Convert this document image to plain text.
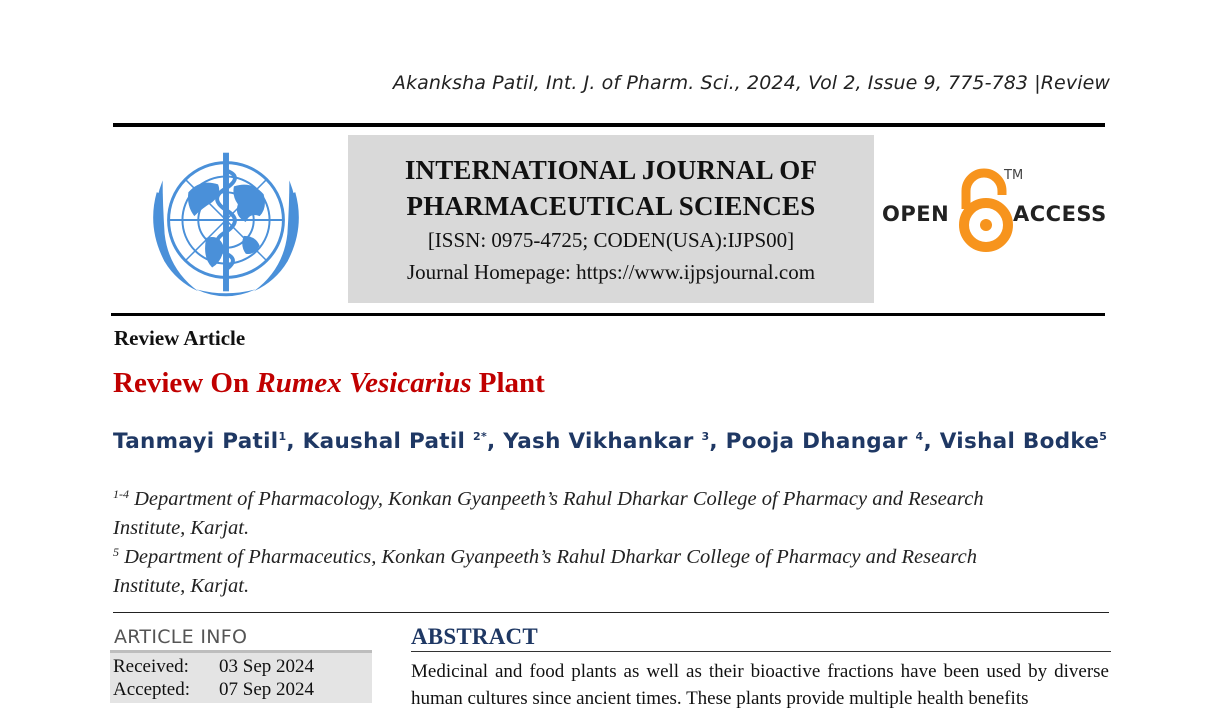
Akanksha Patil, Int. J. of Pharm. Sci., 2024, Vol 2, Issue 9, 775-783 |Review
INTERNATIONAL JOURNAL OF
PHARMACEUTICAL SCIENCES
[ISSN: 0975-4725; CODEN(USA):IJPS00]
Journal Homepage: https://www.ijpsjournal.com
OPEN	ACCESS
TM
Review Article
Review On Rumex Vesicarius Plant
Tanmayi Patil$^1$, Kaushal Patil $^{2*}$, Yash Vikhankar $^3$, Pooja Dhangar $^4$, Vishal Bodke$^5$
$^{1-4}$ Department of Pharmacology, Konkan Gyanpeeth’s Rahul Dharkar College of Pharmacy and Research
Institute, Karjat.
$^5$ Department of Pharmaceutics, Konkan Gyanpeeth’s Rahul Dharkar College of Pharmacy and Research
Institute, Karjat.
ARTICLE INFO
Received: 03 Sep 2024
Accepted: 07 Sep 2024
ABSTRACT
Medicinal and food plants as well as their bioactive fractions have been used by diverse human cultures since ancient times. These plants provide multiple health benefits
